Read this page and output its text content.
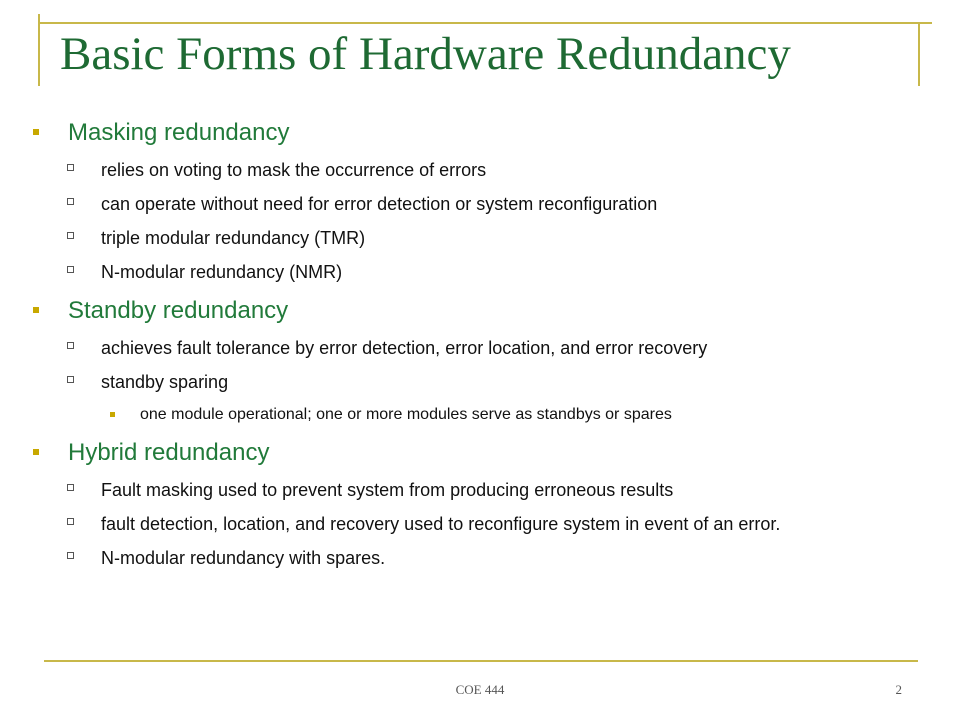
Basic Forms of Hardware Redundancy
Masking redundancy
relies on voting to mask the occurrence of errors
can operate without need for error detection or system reconfiguration
triple modular redundancy (TMR)
N-modular redundancy (NMR)
Standby redundancy
achieves fault tolerance by error detection, error location, and error recovery
standby sparing
one module operational; one or more modules serve as standbys or spares
Hybrid redundancy
Fault masking used to prevent system from producing erroneous results
fault detection, location, and recovery used to reconfigure system in event of an error.
N-modular redundancy with spares.
COE 444	2
